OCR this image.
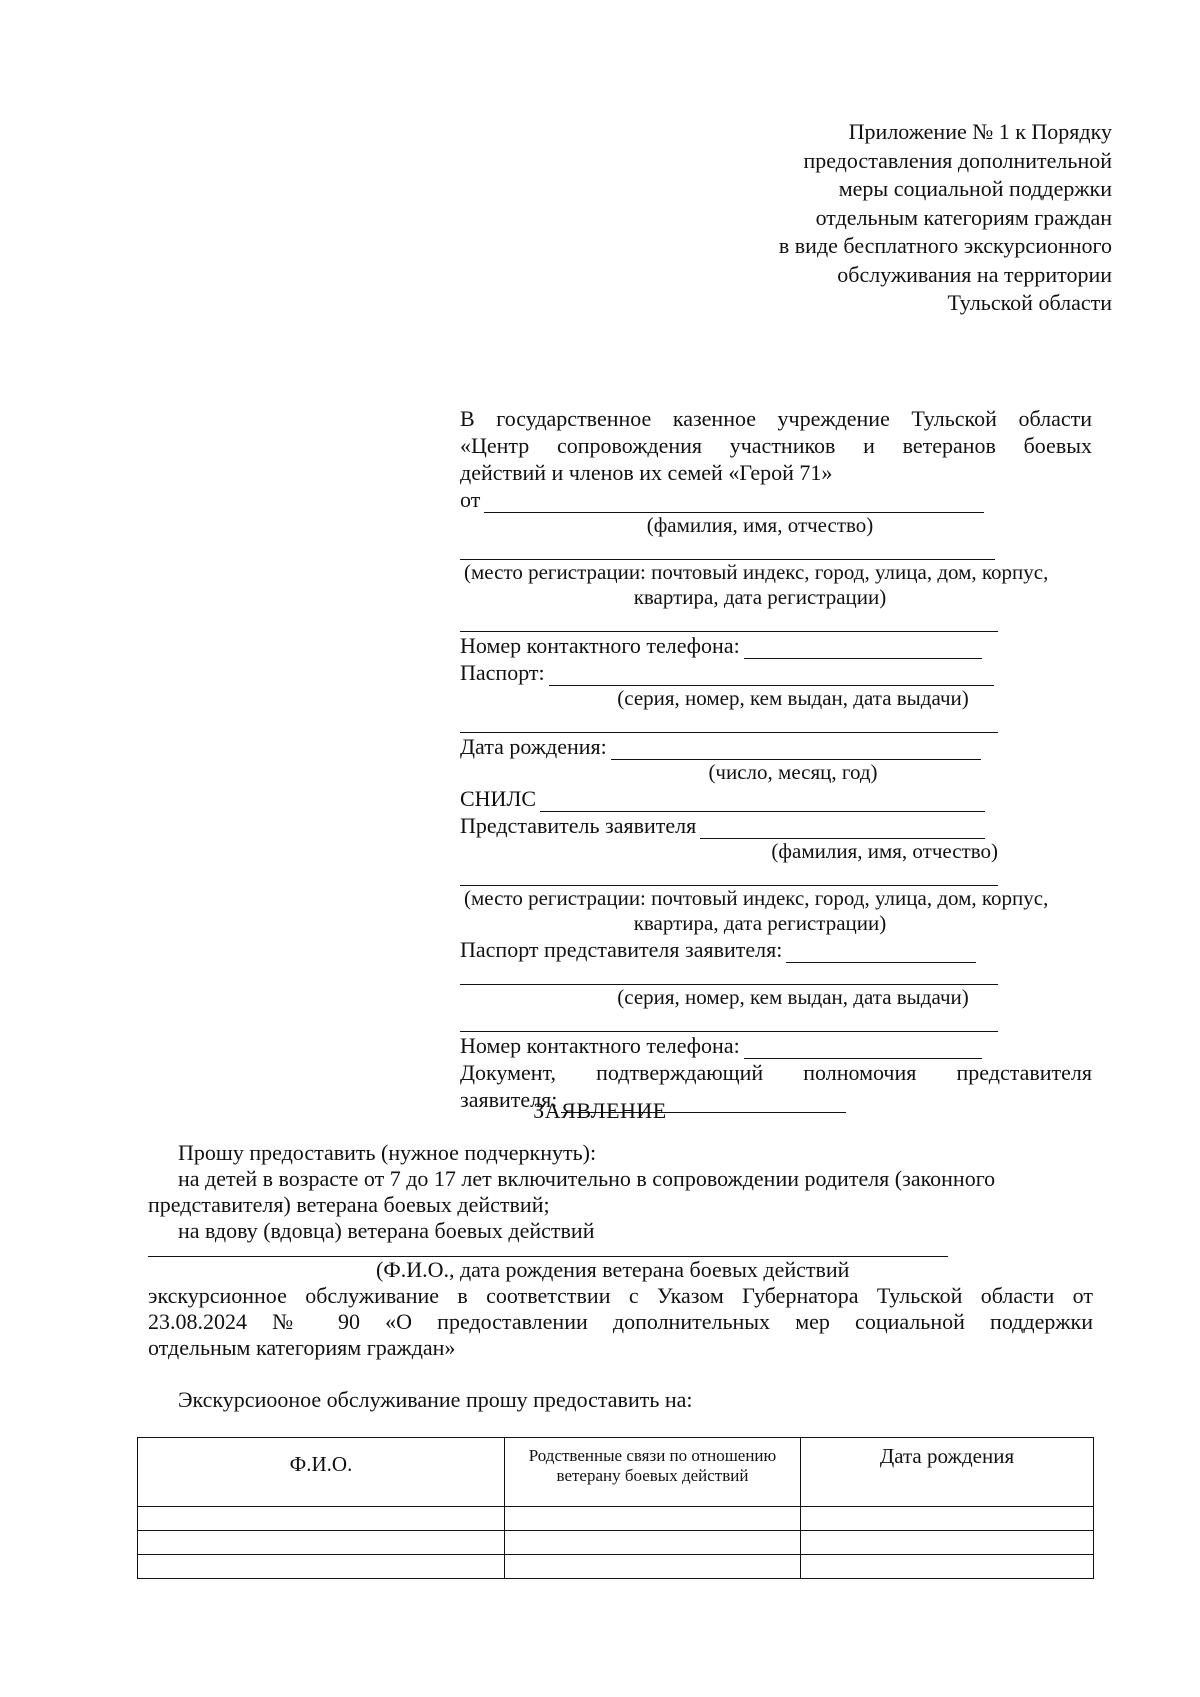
Приложение № 1 к Порядку
предоставления дополнительной
меры социальной поддержки
отдельным категориям граждан
в виде бесплатного экскурсионного
обслуживания на территории
Тульской области
В государственное казенное учреждение Тульской области
«Центр сопровождения участников и ветеранов боевых
действий и членов их семей «Герой 71»
от
(фамилия, имя, отчество)
(место регистрации: почтовый индекс, город, улица, дом, корпус,
квартира, дата регистрации)
Номер контактного телефона:
Паспорт:
(серия, номер, кем выдан, дата выдачи)
Дата рождения:
(число, месяц, год)
СНИЛС
Представитель заявителя
(фамилия, имя, отчество)
(место регистрации: почтовый индекс, город, улица, дом, корпус,
квартира, дата регистрации)
Паспорт представителя заявителя:
(серия, номер, кем выдан, дата выдачи)
Номер контактного телефона:
Документ, подтверждающий полномочия представителя
заявителя:
ЗАЯВЛЕНИЕ
Прошу предоставить (нужное подчеркнуть):
на детей в возрасте от 7 до 17 лет включительно в сопровождении родителя (законного
представителя) ветерана боевых действий;
на вдову (вдовца) ветерана боевых действий
(Ф.И.О., дата рождения ветерана боевых действий
экскурсионное обслуживание в соответствии с Указом Губернатора Тульской области от
23.08.2024 № 90 «О предоставлении дополнительных мер социальной поддержки
отдельным категориям граждан»
Экскурсиооное обслуживание прошу предоставить на:
Ф.И.О.	Родственные связи по отношению ветерану боевых действий	Дата рождения
